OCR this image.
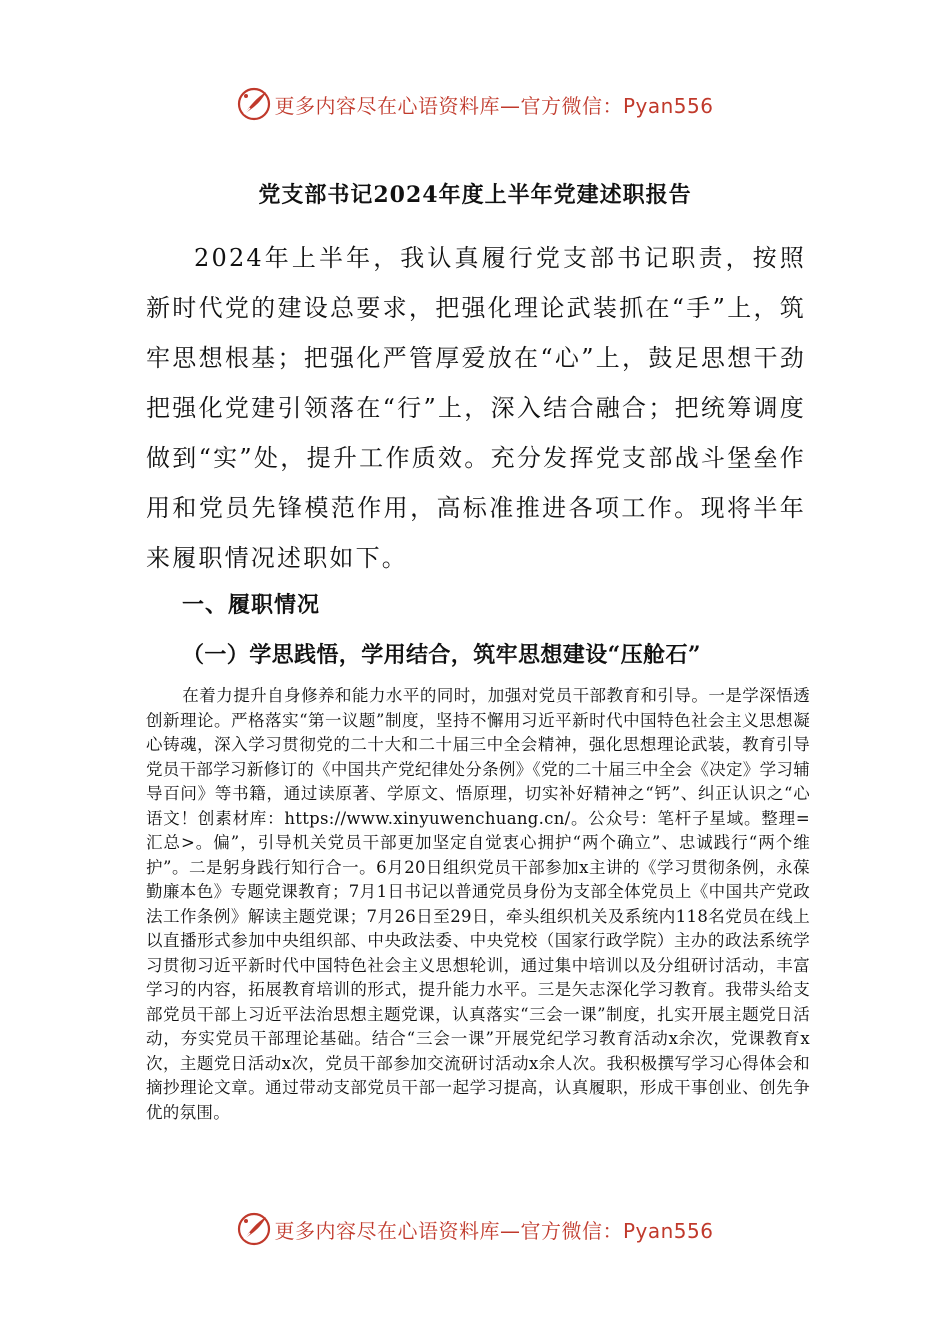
更多内容尽在心语资料库—官方微信：Pyan556
党支部书记2024年度上半年党建述职报告

2024年上半年，我认真履行党支部书记职责，按照新时代党的建设总要求，把强化理论武装抓在“手”上，筑牢思想根基；把强化严管厚爱放在“心”上，鼓足思想干劲把强化党建引领落在“行”上，深入结合融合；把统筹调度做到“实”处，提升工作质效。充分发挥党支部战斗堡垒作用和党员先锋模范作用，高标准推进各项工作。现将半年来履职情况述职如下。

一、履职情况
（一）学思践悟，学用结合，筑牢思想建设“压舱石”

在着力提升自身修养和能力水平的同时，加强对党员干部教育和引导。一是学深悟透创新理论。严格落实“第一议题”制度，坚持不懈用习近平新时代中国特色社会主义思想凝心铸魂，深入学习贯彻党的二十大和二十届三中全会精神，强化思想理论武装，教育引导党员干部学习新修订的《中国共产党纪律处分条例》《党的二十届三中全会《决定》学习辅导百问》等书籍，通过读原著、学原文、悟原理，切实补好精神之“钙”、纠正认识之“心语文！创素材库：https://www.xinyuwenchuang.cn/。公众号：笔杆子星域。整理=汇总>。偏”，引导机关党员干部更加坚定自觉衷心拥护“两个确立”、忠诚践行“两个维护”。二是躬身践行知行合一。6月20日组织党员干部参加x主讲的《学习贯彻条例，永葆勤廉本色》专题党课教育；7月1日书记以普通党员身份为支部全体党员上《中国共产党政法工作条例》解读主题党课；7月26日至29日，牵头组织机关及系统内118名党员在线上以直播形式参加中央组织部、中央政法委、中央党校（国家行政学院）主办的政法系统学习贯彻习近平新时代中国特色社会主义思想轮训，通过集中培训以及分组研讨活动，丰富学习的内容，拓展教育培训的形式，提升能力水平。三是矢志深化学习教育。我带头给支部党员干部上习近平法治思想主题党课，认真落实“三会一课”制度，扎实开展主题党日活动，夯实党员干部理论基础。结合“三会一课”开展党纪学习教育活动x余次，党课教育x次，主题党日活动x次，党员干部参加交流研讨活动x余人次。我积极撰写学习心得体会和摘抄理论文章。通过带动支部党员干部一起学习提高，认真履职，形成干事创业、创先争优的氛围。

更多内容尽在心语资料库—官方微信：Pyan556
